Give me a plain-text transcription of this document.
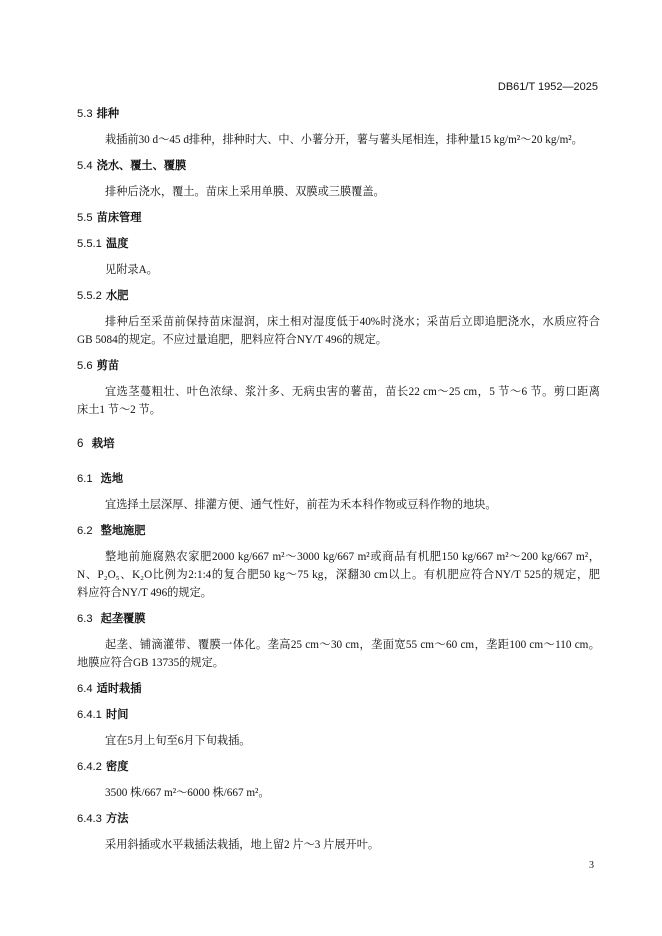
DB61/T 1952—2025
5.3 排种
栽插前30 d～45 d排种，排种时大、中、小薯分开，薯与薯头尾相连，排种量15 kg/m²～20 kg/m²。
5.4 浇水、覆土、覆膜
排种后浇水，覆土。苗床上采用单膜、双膜或三膜覆盖。
5.5 苗床管理
5.5.1 温度
见附录A。
5.5.2 水肥
排种后至采苗前保持苗床湿润，床土相对湿度低于40%时浇水；采苗后立即追肥浇水，水质应符合
GB 5084的规定。不应过量追肥，肥料应符合NY/T 496的规定。
5.6 剪苗
宜选茎蔓粗壮、叶色浓绿、浆汁多、无病虫害的薯苗，苗长22 cm～25 cm，5 节～6 节。剪口距离
床土1 节～2 节。
6 栽培
6.1 选地
宜选择土层深厚、排灌方便、通气性好，前茬为禾本科作物或豆科作物的地块。
6.2 整地施肥
整地前施腐熟农家肥2000 kg/667 m²～3000 kg/667 m²或商品有机肥150 kg/667 m²～200 kg/667 m²，
N、P₂O₅、K₂O比例为2:1:4的复合肥50 kg～75 kg，深翻30 cm以上。有机肥应符合NY/T 525的规定，肥
料应符合NY/T 496的规定。
6.3 起垄覆膜
起垄、铺滴灌带、覆膜一体化。垄高25 cm～30 cm，垄面宽55 cm～60 cm，垄距100 cm～110 cm。
地膜应符合GB 13735的规定。
6.4 适时栽插
6.4.1 时间
宜在5月上旬至6月下旬栽插。
6.4.2 密度
3500 株/667 m²～6000 株/667 m²。
6.4.3 方法
采用斜插或水平栽插法栽插，地上留2 片～3 片展开叶。
3
